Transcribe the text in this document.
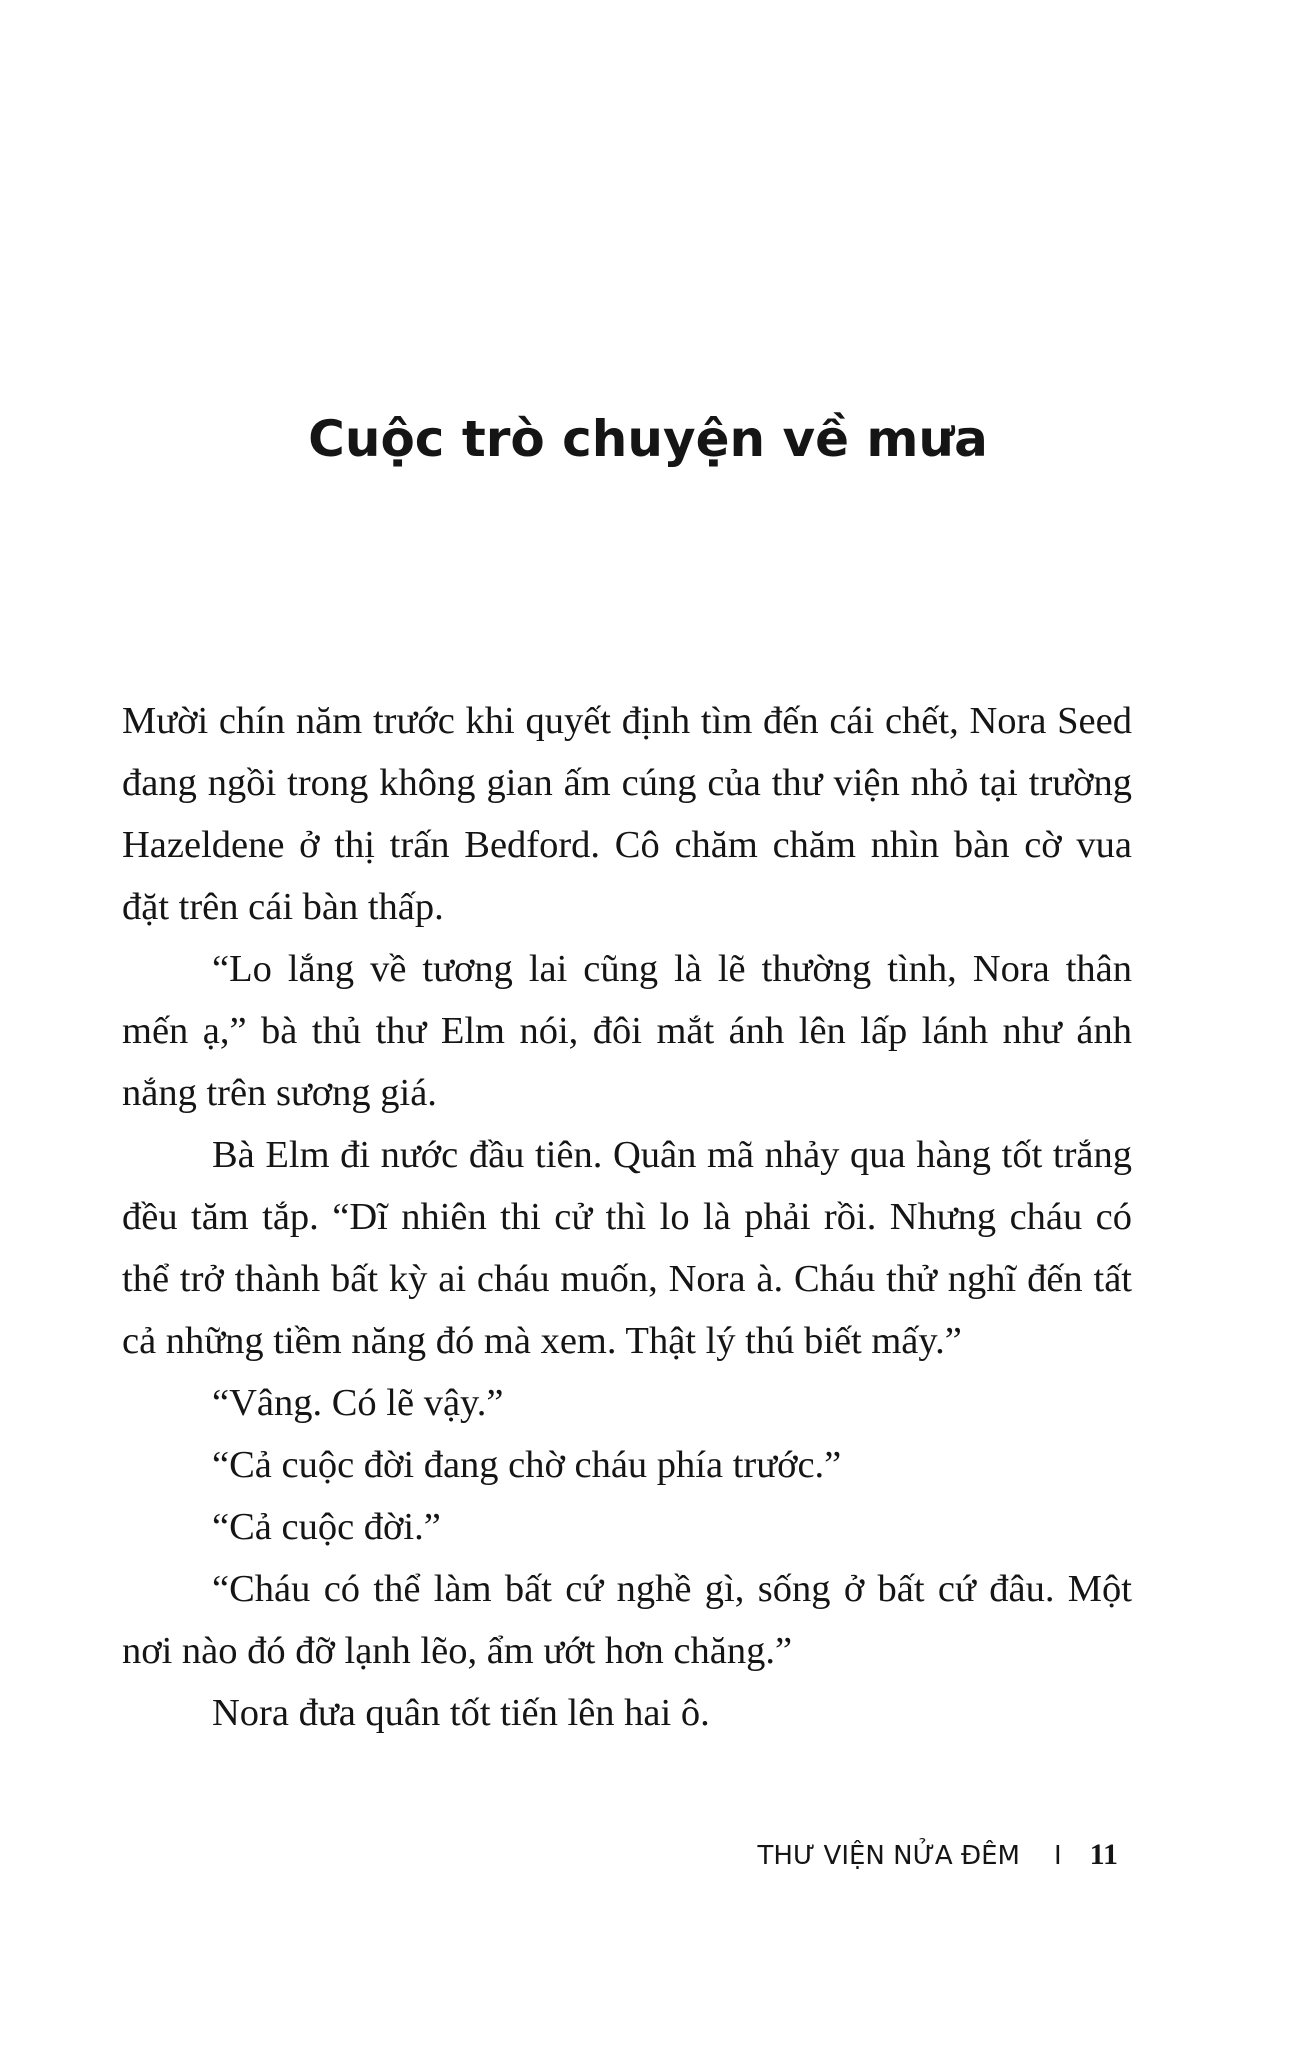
Cuộc trò chuyện về mưa

Mười chín năm trước khi quyết định tìm đến cái chết, Nora Seed đang ngồi trong không gian ấm cúng của thư viện nhỏ tại trường Hazeldene ở thị trấn Bedford. Cô chăm chăm nhìn bàn cờ vua đặt trên cái bàn thấp.

“Lo lắng về tương lai cũng là lẽ thường tình, Nora thân mến ạ,” bà thủ thư Elm nói, đôi mắt ánh lên lấp lánh như ánh nắng trên sương giá.

Bà Elm đi nước đầu tiên. Quân mã nhảy qua hàng tốt trắng đều tăm tắp. “Dĩ nhiên thi cử thì lo là phải rồi. Nhưng cháu có thể trở thành bất kỳ ai cháu muốn, Nora à. Cháu thử nghĩ đến tất cả những tiềm năng đó mà xem. Thật lý thú biết mấy.”

“Vâng. Có lẽ vậy.”

“Cả cuộc đời đang chờ cháu phía trước.”

“Cả cuộc đời.”

“Cháu có thể làm bất cứ nghề gì, sống ở bất cứ đâu. Một nơi nào đó đỡ lạnh lẽo, ẩm ướt hơn chăng.”

Nora đưa quân tốt tiến lên hai ô.

THƯ VIỆN NỬA ĐÊM I 11
